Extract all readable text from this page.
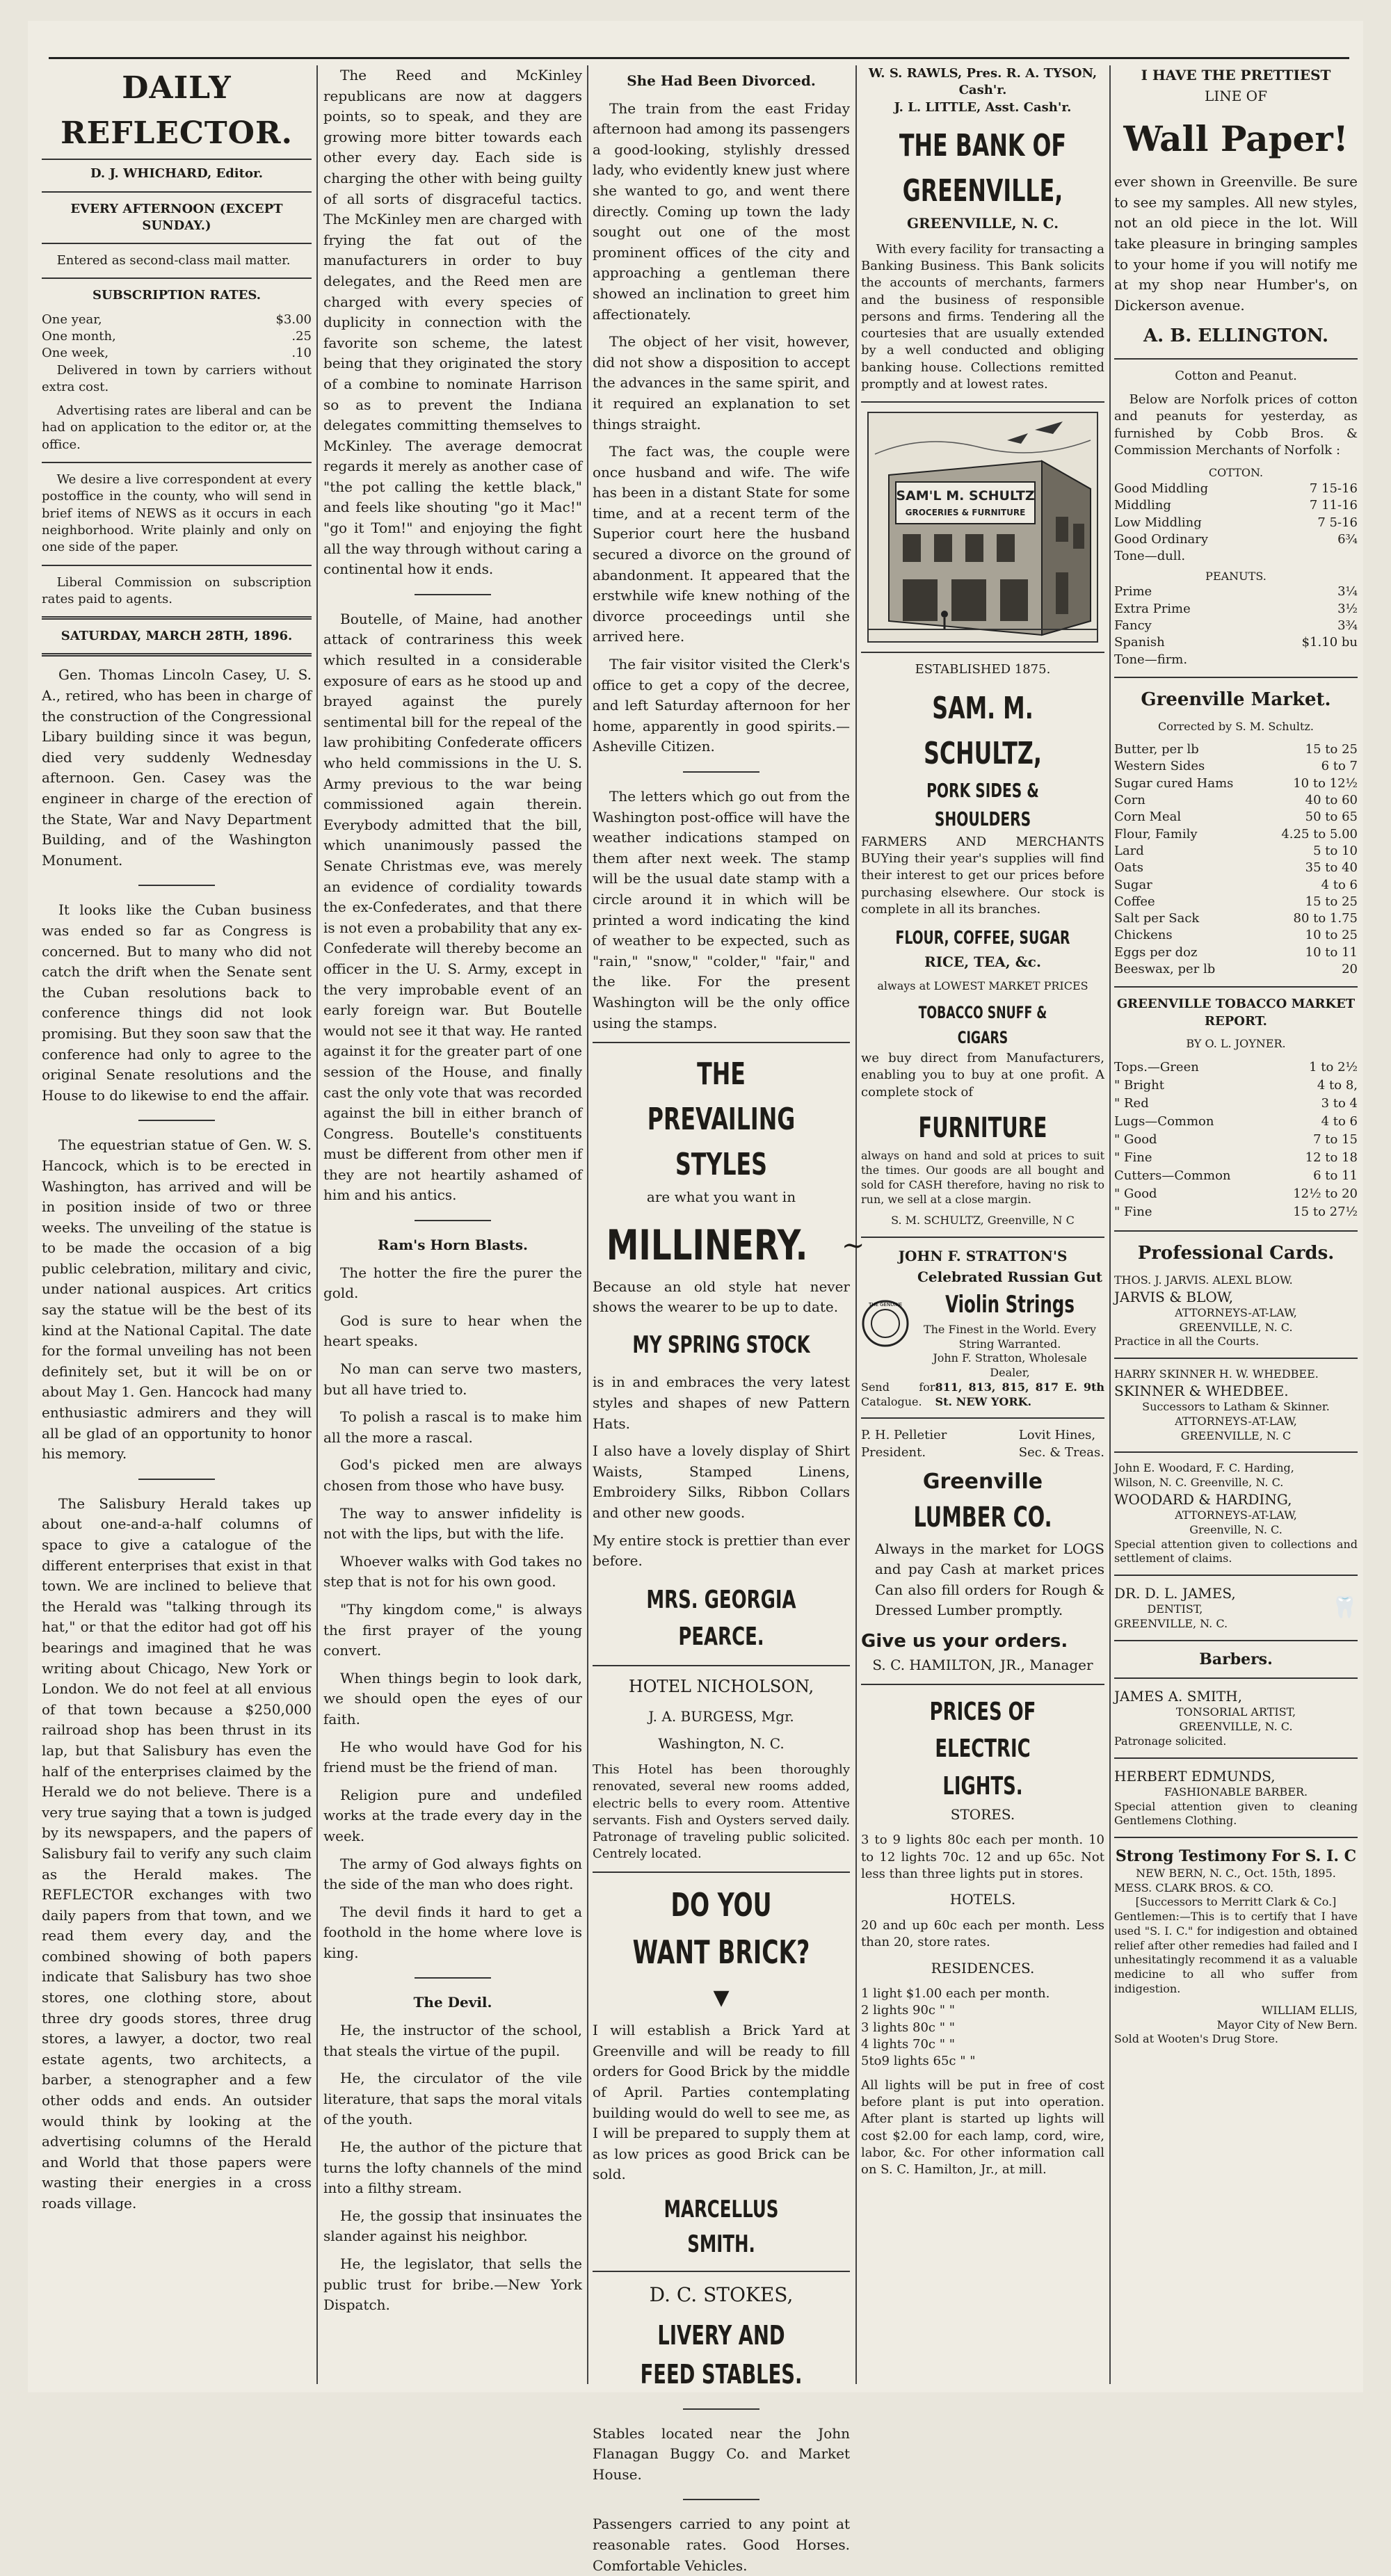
DAILY REFLECTOR.

D. J. WHICHARD, Editor.

EVERY AFTERNOON (EXCEPT SUNDAY.)

Entered as second-class mail matter.

SUBSCRIPTION RATES.

One year,	$3.00
One month,	.25
One week,	.10

Delivered in town by carriers without extra cost.

Advertising rates are liberal and can be had on application to the editor or, at the office.

We desire a live correspondent at every postoffice in the county, who will send in brief items of NEWS as it occurs in each neighborhood. Write plainly and only on one side of the paper.

Liberal Commission on subscription rates paid to agents.

SATURDAY, MARCH 28TH, 1896.

Gen. Thomas Lincoln Casey, U. S. A., retired, who has been in charge of the construction of the Congressional Libary building since it was begun, died very suddenly Wednesday afternoon. Gen. Casey was the engineer in charge of the erection of the State, War and Navy Department Building, and of the Washington Monument.

It looks like the Cuban business was ended so far as Congress is concerned. But to many who did not catch the drift when the Senate sent the Cuban resolutions back to conference things did not look promising. But they soon saw that the conference had only to agree to the original Senate resolutions and the House to do likewise to end the affair.

The equestrian statue of Gen. W. S. Hancock, which is to be erected in Washington, has arrived and will be in position inside of two or three weeks. The unveiling of the statue is to be made the occasion of a big public celebration, military and civic, under national auspices. Art critics say the statue will be the best of its kind at the National Capital. The date for the formal unveiling has not been definitely set, but it will be on or about May 1. Gen. Hancock had many enthusiastic admirers and they will all be glad of an opportunity to honor his memory.

The Salisbury Herald takes up about one-and-a-half columns of space to give a catalogue of the different enterprises that exist in that town. We are inclined to believe that the Herald was "talking through its hat," or that the editor had got off his bearings and imagined that he was writing about Chicago, New York or London. We do not feel at all envious of that town because a $250,000 railroad shop has been thrust in its lap, but that Salisbury has even the half of the enterprises claimed by the Herald we do not believe. There is a very true saying that a town is judged by its newspapers, and the papers of Salisbury fail to verify any such claim as the Herald makes. The REFLECTOR exchanges with two daily papers from that town, and we read them every day, and the combined showing of both papers indicate that Salisbury has two shoe stores, one clothing store, about three dry goods stores, three drug stores, a lawyer, a doctor, two real estate agents, two architects, a barber, a stenographer and a few other odds and ends. An outsider would think by looking at the advertising columns of the Herald and World that those papers were wasting their energies in a cross roads village.

The Reed and McKinley republicans are now at daggers points, so to speak, and they are growing more bitter towards each other every day. Each side is charging the other with being guilty of all sorts of disgraceful tactics. The McKinley men are charged with frying the fat out of the manufacturers in order to buy delegates, and the Reed men are charged with every species of duplicity in connection with the favorite son scheme, the latest being that they originated the story of a combine to nominate Harrison so as to prevent the Indiana delegates committing themselves to McKinley. The average democrat regards it merely as another case of "the pot calling the kettle black," and feels like shouting "go it Mac!" "go it Tom!" and enjoying the fight all the way through without caring a continental how it ends.

Boutelle, of Maine, had another attack of contrariness this week which resulted in a considerable exposure of ears as he stood up and brayed against the purely sentimental bill for the repeal of the law prohibiting Confederate officers who held commissions in the U. S. Army previous to the war being commissioned again therein. Everybody admitted that the bill, which unanimously passed the Senate Christmas eve, was merely an evidence of cordiality towards the ex-Confederates, and that there is not even a probability that any ex-Confederate will thereby become an officer in the U. S. Army, except in the very improbable event of an early foreign war. But Boutelle would not see it that way. He ranted against it for the greater part of one session of the House, and finally cast the only vote that was recorded against the bill in either branch of Congress. Boutelle's constituents must be different from other men if they are not heartily ashamed of him and his antics.

Ram's Horn Blasts.

The hotter the fire the purer the gold.

God is sure to hear when the heart speaks.

No man can serve two masters, but all have tried to.

To polish a rascal is to make him all the more a rascal.

God's picked men are always chosen from those who have busy.

The way to answer infidelity is not with the lips, but with the life.

Whoever walks with God takes no step that is not for his own good.

"Thy kingdom come," is always the first prayer of the young convert.

When things begin to look dark, we should open the eyes of our faith.

He who would have God for his friend must be the friend of man.

Religion pure and undefiled works at the trade every day in the week.

The army of God always fights on the side of the man who does right.

The devil finds it hard to get a foothold in the home where love is king.

The Devil.

He, the instructor of the school, that steals the virtue of the pupil.

He, the circulator of the vile literature, that saps the moral vitals of the youth.

He, the author of the picture that turns the lofty channels of the mind into a filthy stream.

He, the gossip that insinuates the slander against his neighbor.

He, the legislator, that sells the public trust for bribe.—New York Dispatch.

She Had Been Divorced.

The train from the east Friday afternoon had among its passengers a good-looking, stylishly dressed lady, who evidently knew just where she wanted to go, and went there directly. Coming up town the lady sought out one of the most prominent offices of the city and approaching a gentleman there showed an inclination to greet him affectionately.

The object of her visit, however, did not show a disposition to accept the advances in the same spirit, and it required an explanation to set things straight.

The fact was, the couple were once husband and wife. The wife has been in a distant State for some time, and at a recent term of the Superior court here the husband secured a divorce on the ground of abandonment. It appeared that the erstwhile wife knew nothing of the divorce proceedings until she arrived here.

The fair visitor visited the Clerk's office to get a copy of the decree, and left Saturday afternoon for her home, apparently in good spirits.—Asheville Citizen.

The letters which go out from the Washington post-office will have the weather indications stamped on them after next week. The stamp will be the usual date stamp with a circle around it in which will be printed a word indicating the kind of weather to be expected, such as "rain," "snow," "colder," "fair," and the like. For the present Washington will be the only office using the stamps.

THE PREVAILING STYLES

are what you want in

MILLINERY. ∼

Because an old style hat never shows the wearer to be up to date.

MY SPRING STOCK

is in and embraces the very latest styles and shapes of new Pattern Hats.

I also have a lovely display of Shirt Waists, Stamped Linens, Embroidery Silks, Ribbon Collars and other new goods.

My entire stock is prettier than ever before.

MRS. GEORGIA PEARCE.

HOTEL NICHOLSON,

J. A. BURGESS, Mgr.

Washington, N. C.

This Hotel has been thoroughly renovated, several new rooms added, electric bells to every room. Attentive servants. Fish and Oysters served daily. Patronage of traveling public solicited. Centrely located.

DO YOU WANT BRICK?

▼

I will establish a Brick Yard at Greenville and will be ready to fill orders for Good Brick by the middle of April. Parties contemplating building would do well to see me, as I will be prepared to supply them at as low prices as good Brick can be sold.

MARCELLUS SMITH.

D. C. STOKES,

LIVERY AND FEED STABLES.

Stables located near the John Flanagan Buggy Co. and Market House.

Passengers carried to any point at reasonable rates. Good Horses. Comfortable Vehicles.

W. S. RAWLS, Pres. R. A. TYSON, Cash'r.

J. L. LITTLE, Asst. Cash'r.

THE BANK OF GREENVILLE,

GREENVILLE, N. C.

With every facility for transacting a Banking Business. This Bank solicits the accounts of merchants, farmers and the business of responsible persons and firms. Tendering all the courtesies that are usually extended by a well conducted and obliging banking house. Collections remitted promptly and at lowest rates.

SAM'L M. SCHULTZ
GROCERIES & FURNITURE

ESTABLISHED 1875.

SAM. M. SCHULTZ,
PORK SIDES & SHOULDERS

FARMERS AND MERCHANTS BUYing their year's supplies will find their interest to get our prices before purchasing elsewhere. Our stock is complete in all its branches.

FLOUR, COFFEE, SUGAR

RICE, TEA, &c.

always at LOWEST MARKET PRICES

TOBACCO SNUFF & CIGARS

we buy direct from Manufacturers, enabling you to buy at one profit. A complete stock of

FURNITURE

always on hand and sold at prices to suit the times. Our goods are all bought and sold for CASH therefore, having no risk to run, we sell at a close margin.

S. M. SCHULTZ, Greenville, N C

JOHN F. STRATTON'S

THE GENUINE

Celebrated Russian Gut

Violin Strings

The Finest in the World. Every String Warranted.

John F. Stratton, Wholesale Dealer,

Send for Catalogue.
811, 813, 815, 817 E. 9th St. NEW YORK.
P. H. Pelletier
President.
Lovit Hines,
Sec. & Treas.
Greenville
LUMBER CO.

Always in the market for LOGS and pay Cash at market prices Can also fill orders for Rough & Dressed Lumber promptly.

Give us your orders.

S. C. HAMILTON, JR., Manager

PRICES OF ELECTRIC LIGHTS.

STORES.

3 to 9 lights 80c each per month. 10 to 12 lights 70c. 12 and up 65c. Not less than three lights put in stores.

HOTELS.

20 and up 60c each per month. Less than 20, store rates.

RESIDENCES.

1 light $1.00 each per month.

2 lights 90c " "

3 lights 80c " "

4 lights 70c " "

5to9 lights 65c " "

All lights will be put in free of cost before plant is put into operation. After plant is started up lights will cost $2.00 for each lamp, cord, wire, labor, &c. For other information call on S. C. Hamilton, Jr., at mill.

I HAVE THE PRETTIEST

LINE OF

Wall Paper!

ever shown in Greenville. Be sure to see my samples. All new styles, not an old piece in the lot. Will take pleasure in bringing samples to your home if you will notify me at my shop near Humber's, on Dickerson avenue.

A. B. ELLINGTON.

Cotton and Peanut.

Below are Norfolk prices of cotton and peanuts for yesterday, as furnished by Cobb Bros. & Commission Merchants of Norfolk :

COTTON.

Good Middling	7 15-16
Middling	7 11-16
Low Middling	7 5-16
Good Ordinary	6¾
Tone—dull.

PEANUTS.

Prime	3¼
Extra Prime	3½
Fancy	3¾
Spanish	$1.10 bu
Tone—firm.

Greenville Market.

Corrected by S. M. Schultz.

Butter, per lb	15 to 25
Western Sides	6 to 7
Sugar cured Hams	10 to 12½
Corn	40 to 60
Corn Meal	50 to 65
Flour, Family	4.25 to 5.00
Lard	5 to 10
Oats	35 to 40
Sugar	4 to 6
Coffee	15 to 25
Salt per Sack	80 to 1.75
Chickens	10 to 25
Eggs per doz	10 to 11
Beeswax, per lb	20

GREENVILLE TOBACCO MARKET REPORT.

BY O. L. JOYNER.

Tops.—Green	1 to 2½
" Bright	4 to 8,
" Red	3 to 4
Lugs—Common	4 to 6
" Good	7 to 15
" Fine	12 to 18
Cutters—Common	6 to 11
" Good	12½ to 20
" Fine	15 to 27½

Professional Cards.

THOS. J. JARVIS. ALEXL BLOW.

JARVIS & BLOW,

ATTORNEYS-AT-LAW,

GREENVILLE, N. C.

Practice in all the Courts.

HARRY SKINNER H. W. WHEDBEE.

SKINNER & WHEDBEE.

Successors to Latham & Skinner.

ATTORNEYS-AT-LAW,

GREENVILLE, N. C

John E. Woodard, F. C. Harding,

Wilson, N. C. Greenville, N. C.

WOODARD & HARDING,

ATTORNEYS-AT-LAW,

Greenville, N. C.

Special attention given to collections and settlement of claims.

DR. D. L. JAMES,

DENTIST,

GREENVILLE, N. C.

🦷

Barbers.

JAMES A. SMITH,

TONSORIAL ARTIST,

GREENVILLE, N. C.

Patronage solicited.

HERBERT EDMUNDS,

FASHIONABLE BARBER.

Special attention given to cleaning Gentlemens Clothing.

Strong Testimony For S. I. C

NEW BERN, N. C., Oct. 15th, 1895.

MESS. CLARK BROS. & CO.

[Successors to Merritt Clark & Co.]

Gentlemen:—This is to certify that I have used "S. I. C." for indigestion and obtained relief after other remedies had failed and I unhesitatingly recommend it as a valuable medicine to all who suffer from indigestion.

WILLIAM ELLIS,

Mayor City of New Bern.

Sold at Wooten's Drug Store.
